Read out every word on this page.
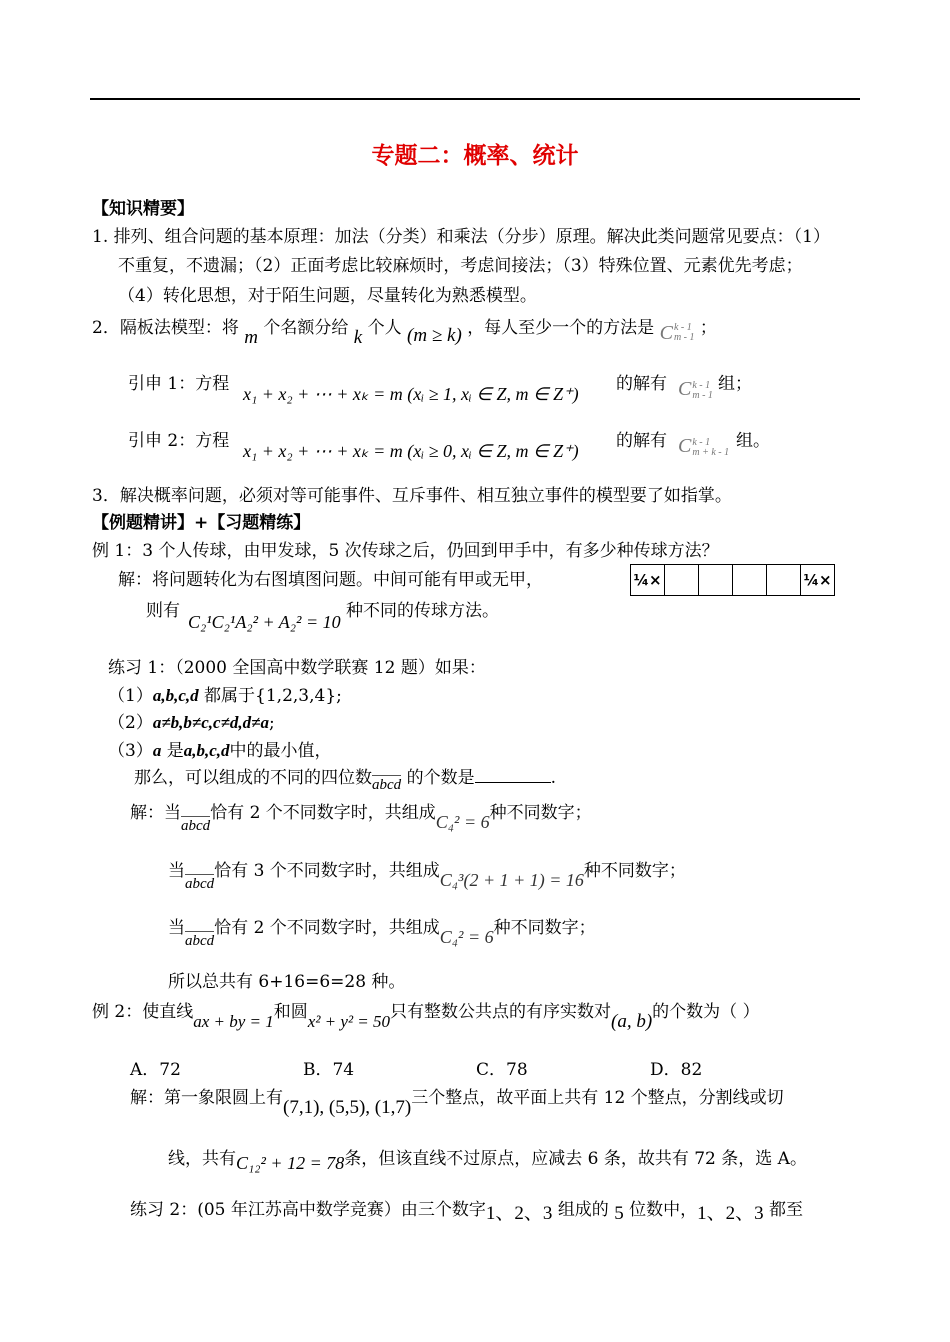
专题二：概率、统计
【知识精要】
1. 排列、组合问题的基本原理：加法（分类）和乘法（分步）原理。解决此类问题常见要点：（1）
不重复，不遗漏；（2）正面考虑比较麻烦时，考虑间接法；（3）特殊位置、元素优先考虑；
（4）转化思想，对于陌生问题，尽量转化为熟悉模型。
2．隔板法模型：将 m 个名额分给 k 个人 (m ≥ k) ，每人至少一个的方法是 C k - 1
m - 1 ；
引申 1：方程 x₁ + x₂ + ⋯ + xₖ = m (xᵢ ≥ 1, xᵢ ∈ Z, m ∈ Z⁺) 的解有 C k - 1
m - 1
组；
引申 2：方程 x₁ + x₂ + ⋯ + xₖ = m (xᵢ ≥ 0, xᵢ ∈ Z, m ∈ Z⁺) 的解有 C k - 1
m + k - 1
组。
3．解决概率问题，必须对等可能事件、互斥事件、相互独立事件的模型要了如指掌。
【例题精讲】+【习题精练】
例 1：3 个人传球，由甲发球，5 次传球之后，仍回到甲手中，有多少种传球方法？
解：将问题转化为右图填图问题。中间可能有甲或无甲，	¼×					¼×
则有
C₂¹C₂¹A₂² + A₂² = 10
种不同的传球方法。
练习 1：（2000 全国高中数学联赛 12 题）如果：
（1）a,b,c,d 都属于{1,2,3,4};
（2）a≠b,b≠c,c≠d,d≠a;
（3）a 是a,b,c,d中的最小值，
那么，可以组成的不同的四位数abcd 的个数是	.
解：当abcd恰有 2 个不同数字时，共组成C₄² = 6种不同数字；
当abcd恰有 3 个不同数字时，共组成C₄³(2 + 1 + 1) = 16种不同数字；
当abcd恰有 2 个不同数字时，共组成C₄² = 6种不同数字；
所以总共有 6+16=6=28 种。
例 2：使直线ax + by = 1和圆x² + y² = 50只有整数公共点的有序实数对(a, b)的个数为（ ）
A．72	B．74	C．78	D．82
解：第一象限圆上有(7,1), (5,5), (1,7)三个整点，故平面上共有 12 个整点，分割线或切
线，共有C₁₂² + 12 = 78条，但该直线不过原点，应减去 6 条，故共有 72 条，选 A。
练习 2：(05 年江苏高中数学竞赛）由三个数字1、2、3 组成的 5 位数中，1、2、3 都至
